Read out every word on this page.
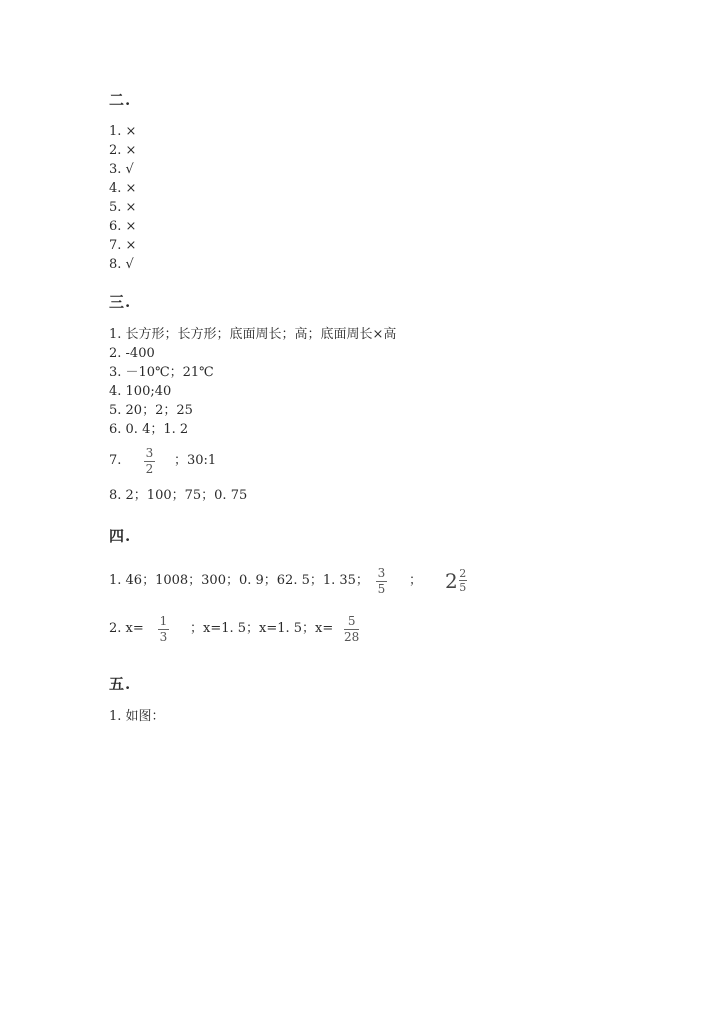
二.
1. ×
2. ×
3. √
4. ×
5. ×
6. ×
7. ×
8. √
三.
1. 长方形；长方形；底面周长；高；底面周长×高
2. -400
3. －10℃；21℃
4. 100;40
5. 20；2；25
6. 0. 4；1. 2
7. 3
2
；30:1
8. 2；100；75；0. 75
四.
1. 46；1008；300；0. 9；62. 5；1. 35； 3
5
； $2 \frac{2}{5}$
2. x= 1
3
；x=1. 5；x=1. 5；x= 5
28
五.
1. 如图：
